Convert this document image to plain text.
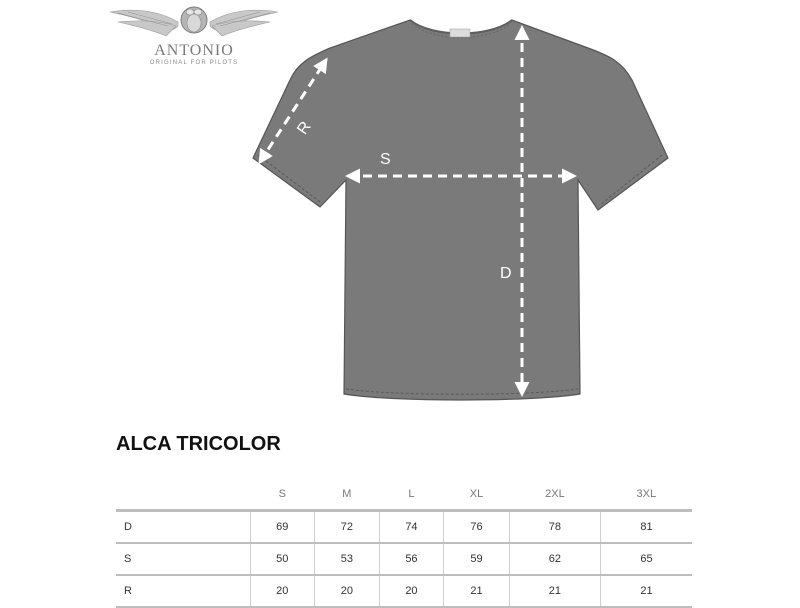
ANTONIO
ORIGINAL FOR PILOTS
R
S
D
ALCA TRICOLOR
	S	M	L	XL	2XL	3XL
D	69	72	74	76	78	81
S	50	53	56	59	62	65
R	20	20	20	21	21	21
